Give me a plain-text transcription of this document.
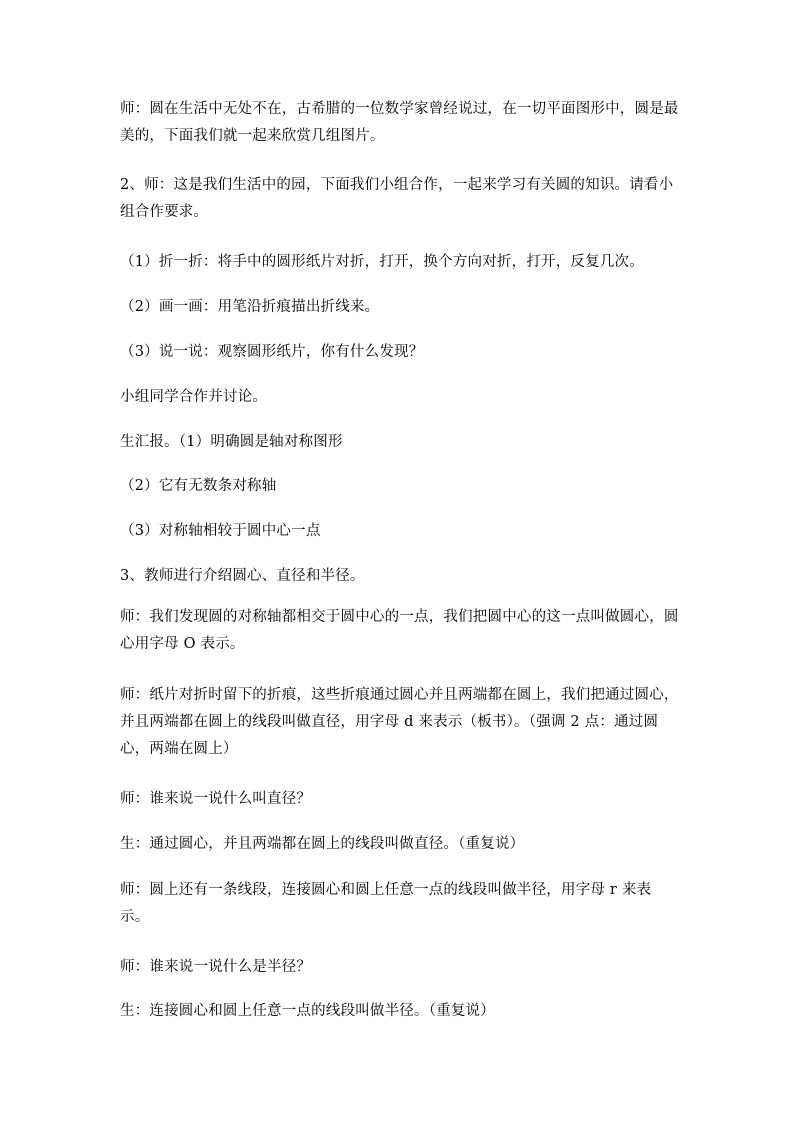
师：圆在生活中无处不在，古希腊的一位数学家曾经说过，在一切平面图形中，圆是最美的，下面我们就一起来欣赏几组图片。
2、师：这是我们生活中的园，下面我们小组合作，一起来学习有关圆的知识。请看小组合作要求。
（1）折一折：将手中的圆形纸片对折，打开，换个方向对折，打开，反复几次。
（2）画一画：用笔沿折痕描出折线来。
（3）说一说：观察圆形纸片，你有什么发现？
小组同学合作并讨论。
生汇报。（1）明确圆是轴对称图形
（2）它有无数条对称轴
（3）对称轴相较于圆中心一点
3、教师进行介绍圆心、直径和半径。
师：我们发现圆的对称轴都相交于圆中心的一点，我们把圆中心的这一点叫做圆心，圆心用字母 O 表示。
师：纸片对折时留下的折痕，这些折痕通过圆心并且两端都在圆上，我们把通过圆心，并且两端都在圆上的线段叫做直径，用字母 d 来表示（板书）。（强调 2 点：通过圆心，两端在圆上）
师：谁来说一说什么叫直径？
生：通过圆心，并且两端都在圆上的线段叫做直径。（重复说）
师：圆上还有一条线段，连接圆心和圆上任意一点的线段叫做半径，用字母 r 来表示。
师：谁来说一说什么是半径？
生：连接圆心和圆上任意一点的线段叫做半径。（重复说）
